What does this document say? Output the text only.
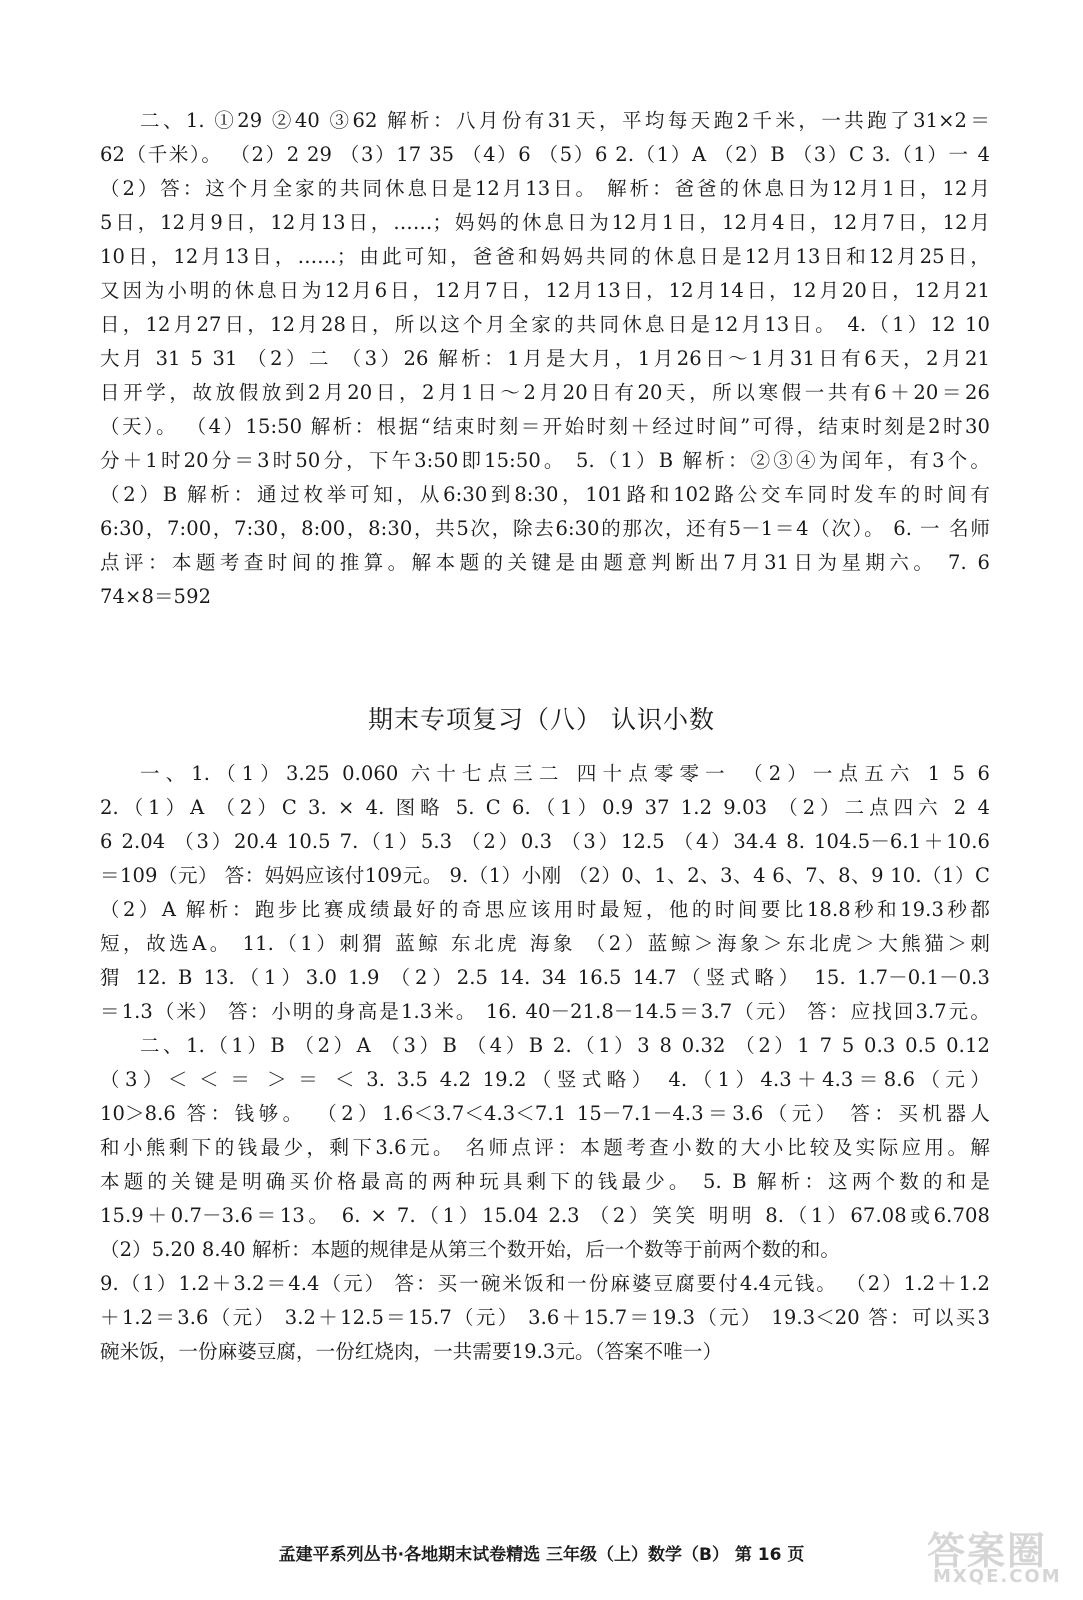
二、1. ①29 ②40 ③62 解析：八月份有31天，平均每天跑2千米，一共跑了31×2＝
62（千米）。 （2）2 29 （3）17 35 （4）6 （5）6 2.（1）A （2）B （3）C 3.（1）一 4
（2）答：这个月全家的共同休息日是12月13日。 解析：爸爸的休息日为12月1日，12月
5日，12月9日，12月13日，……；妈妈的休息日为12月1日，12月4日，12月7日，12月
10日，12月13日，……；由此可知，爸爸和妈妈共同的休息日是12月13日和12月25日，
又因为小明的休息日为12月6日，12月7日，12月13日，12月14日，12月20日，12月21
日，12月27日，12月28日，所以这个月全家的共同休息日是12月13日。 4.（1）12 10
大月 31 5 31 （2）二 （3）26 解析：1月是大月，1月26日～1月31日有6天，2月21
日开学，故放假放到2月20日，2月1日～2月20日有20天，所以寒假一共有6＋20＝26
（天）。 （4）15:50 解析：根据“结束时刻＝开始时刻＋经过时间”可得，结束时刻是2时30
分＋1时20分＝3时50分，下午3:50即15:50。 5.（1）B 解析：②③④为闰年，有3个。
（2）B 解析：通过枚举可知，从6:30到8:30，101路和102路公交车同时发车的时间有
6:30，7:00，7:30，8:00，8:30，共5次，除去6:30的那次，还有5－1＝4（次）。 6. 一 名师
点评：本题考查时间的推算。解本题的关键是由题意判断出7月31日为星期六。 7. 6
74×8＝592
期末专项复习（八） 认识小数
一、1.（1）3.25 0.060 六十七点三二 四十点零零一 （2）一点五六 1 5 6
2.（1）A （2）C 3. × 4. 图略 5. C 6.（1）0.9 37 1.2 9.03 （2）二点四六 2 4
6 2.04 （3）20.4 10.5 7.（1）5.3 （2）0.3 （3）12.5 （4）34.4 8. 104.5－6.1＋10.6
＝109（元） 答：妈妈应该付109元。 9.（1）小刚 （2）0、1、2、3、4 6、7、8、9 10.（1）C
（2）A 解析：跑步比赛成绩最好的奇思应该用时最短，他的时间要比18.8秒和19.3秒都
短，故选A。 11.（1）刺猬 蓝鲸 东北虎 海象 （2）蓝鲸＞海象＞东北虎＞大熊猫＞刺
猬 12. B 13.（1）3.0 1.9 （2）2.5 14. 34 16.5 14.7（竖式略） 15. 1.7－0.1－0.3
＝1.3（米） 答：小明的身高是1.3米。 16. 40－21.8－14.5＝3.7（元） 答：应找回3.7元。
二、1.（1）B （2）A （3）B （4）B 2.（1）3 8 0.32 （2）1 7 5 0.3 0.5 0.12
（3）＜ ＜ ＝ ＞ ＝ ＜ 3. 3.5 4.2 19.2（竖式略） 4.（1）4.3＋4.3＝8.6（元）
10＞8.6 答：钱够。 （2）1.6＜3.7＜4.3＜7.1 15－7.1－4.3＝3.6（元） 答：买机器人
和小熊剩下的钱最少，剩下3.6元。 名师点评：本题考查小数的大小比较及实际应用。解
本题的关键是明确买价格最高的两种玩具剩下的钱最少。 5. B 解析：这两个数的和是
15.9＋0.7－3.6＝13。 6. × 7.（1）15.04 2.3 （2）笑笑 明明 8.（1）67.08或6.708
（2）5.20 8.40 解析：本题的规律是从第三个数开始，后一个数等于前两个数的和。
9.（1）1.2＋3.2＝4.4（元） 答：买一碗米饭和一份麻婆豆腐要付4.4元钱。 （2）1.2＋1.2
＋1.2＝3.6（元） 3.2＋12.5＝15.7（元） 3.6＋15.7＝19.3（元） 19.3＜20 答：可以买3
碗米饭，一份麻婆豆腐，一份红烧肉，一共需要19.3元。（答案不唯一）
孟建平系列丛书·各地期末试卷精选 三年级（上）数学（B） 第 16 页	答案圈
MXQE.COM
